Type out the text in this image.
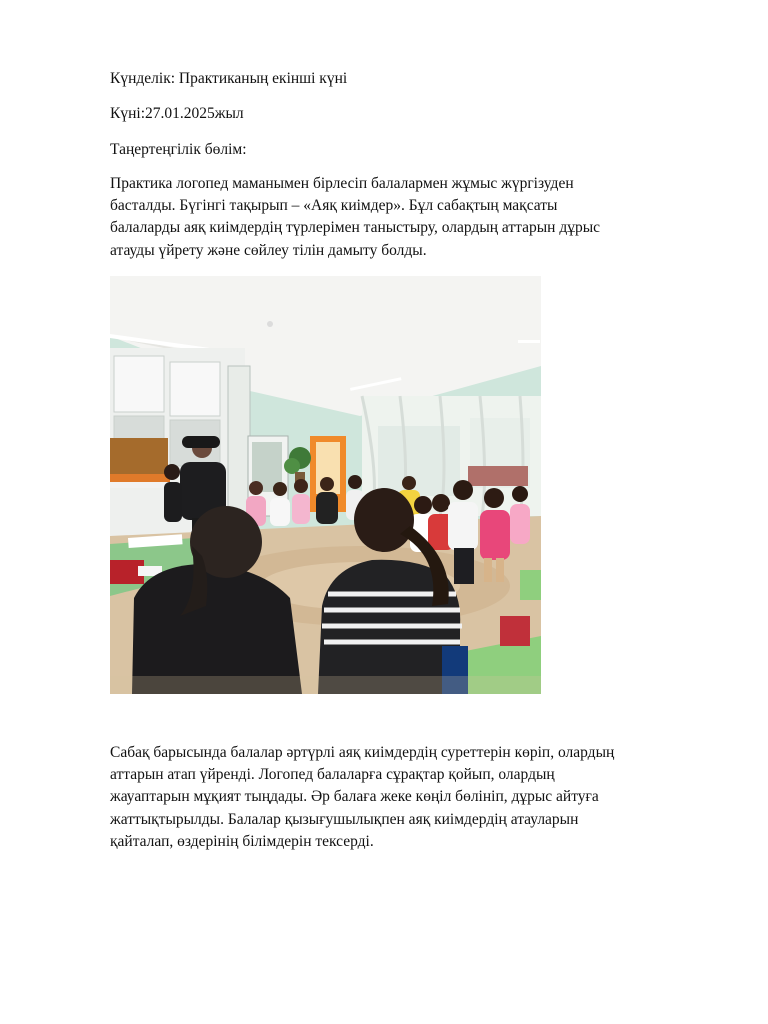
Күнделік: Практиканың екінші күні
Күні:27.01.2025жыл
Таңертеңгілік бөлім:
Практика логопед маманымен бірлесіп балалармен жұмыс жүргізуден
басталды. Бүгінгі тақырып – «Аяқ киімдер». Бұл сабақтың мақсаты
балаларды аяқ киімдердің түрлерімен таныстыру, олардың аттарын дұрыс
атауды үйрету және сөйлеу тілін дамыту болды.
Сабақ барысында балалар әртүрлі аяқ киімдердің суреттерін көріп, олардың
аттарын атап үйренді. Логопед балаларға сұрақтар қойып, олардың
жауаптарын мұқият тыңдады. Әр балаға жеке көңіл бөлініп, дұрыс айтуға
жаттықтырылды. Балалар қызығушылықпен аяқ киімдердің атауларын
қайталап, өздерінің білімдерін тексерді.
